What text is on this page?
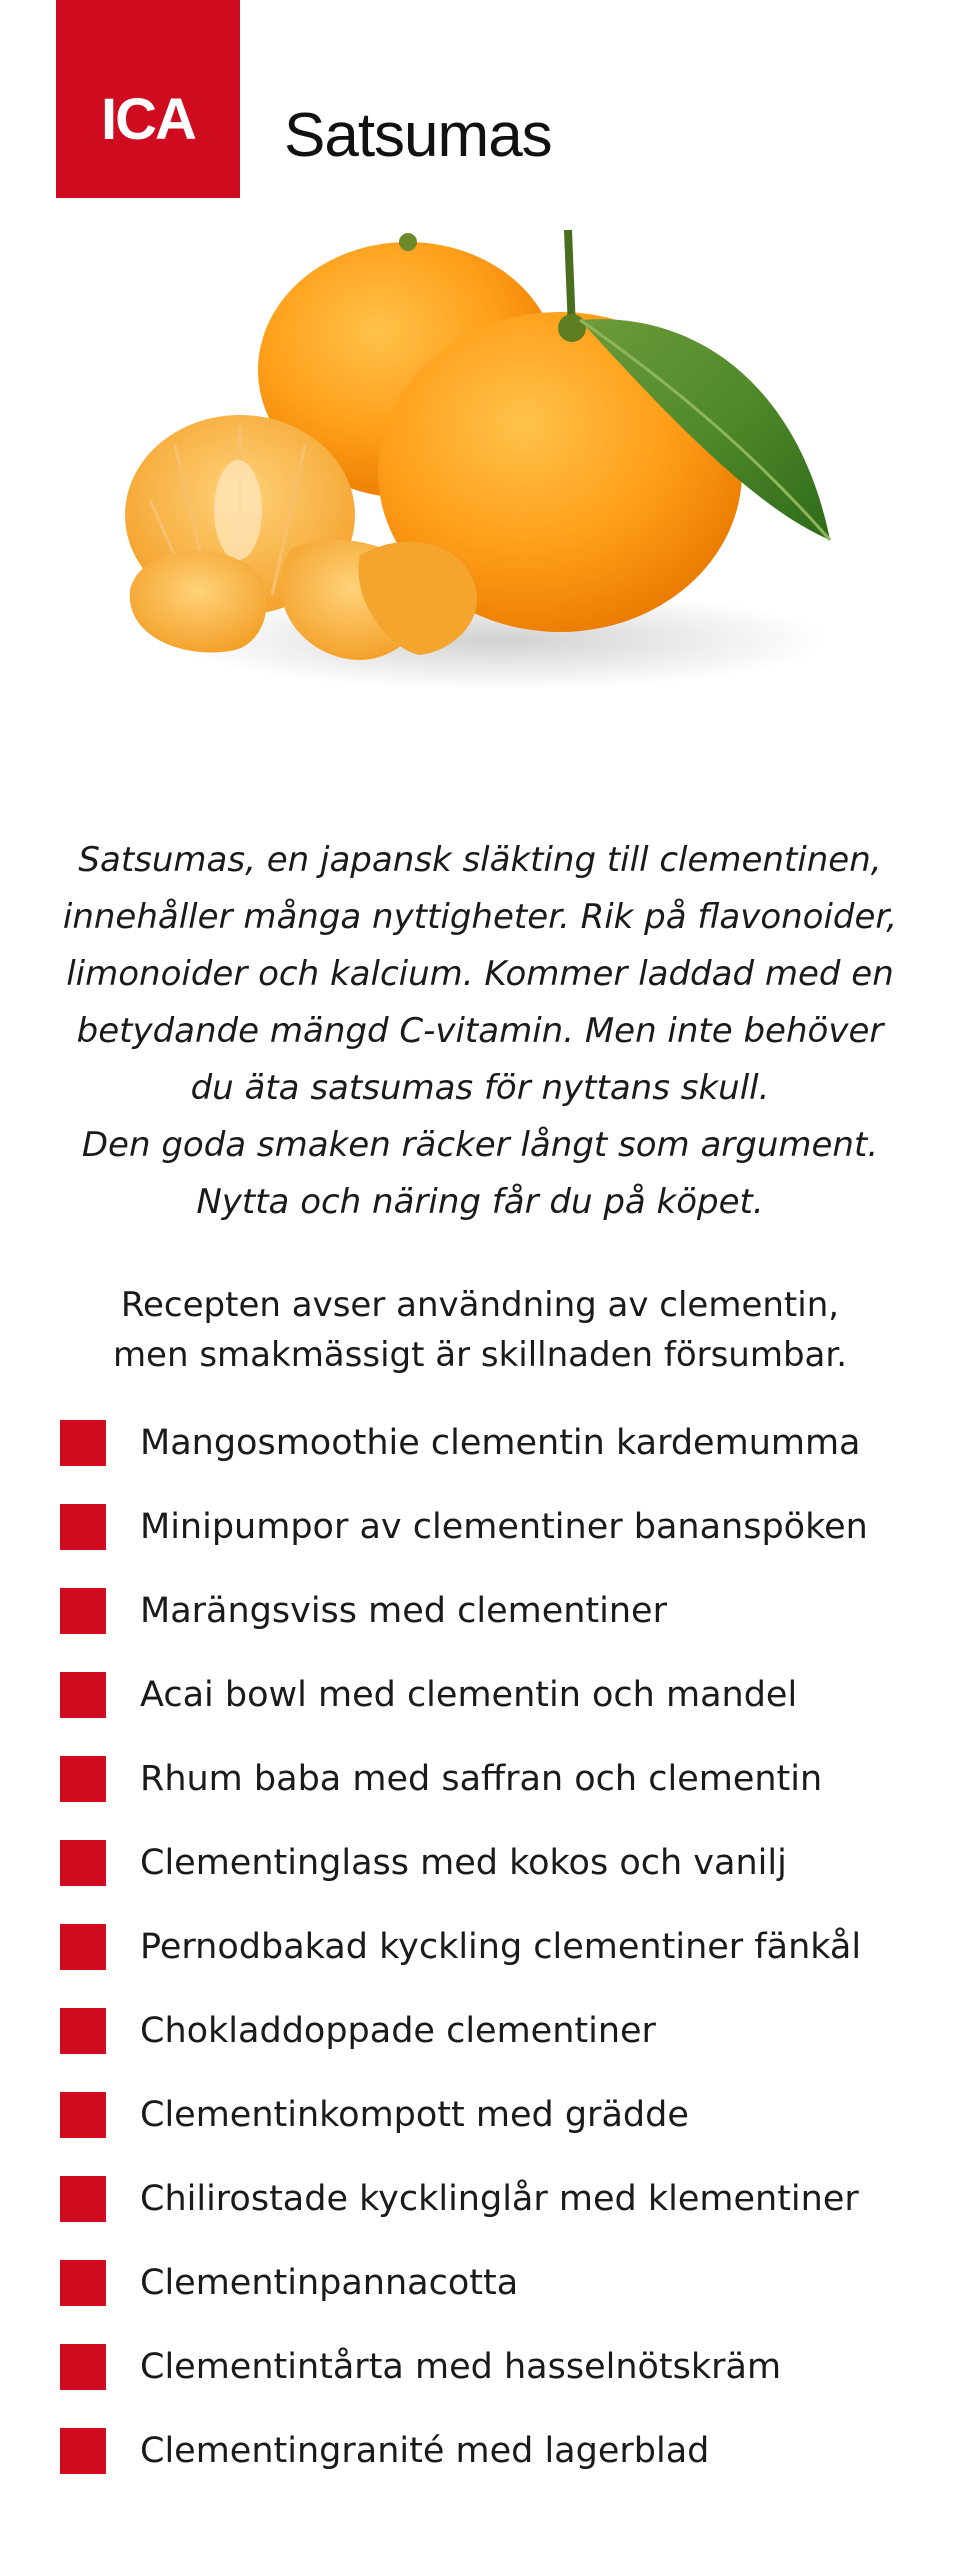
ICA Satsumas

Satsumas, en japansk släkting till clementinen,

innehåller många nyttigheter. Rik på flavonoider,

limonoider och kalcium. Kommer laddad med en

betydande mängd C-vitamin. Men inte behöver

du äta satsumas för nyttans skull.

Den goda smaken räcker långt som argument.

Nytta och näring får du på köpet.

Recepten avser användning av clementin,

men smakmässigt är skillnaden försumbar.

Mangosmoothie clementin kardemumma
Minipumpor av clementiner bananspöken
Marängsviss med clementiner
Acai bowl med clementin och mandel
Rhum baba med saffran och clementin
Clementinglass med kokos och vanilj
Pernodbakad kyckling clementiner fänkål
Chokladdoppade clementiner
Clementinkompott med grädde
Chilirostade kycklinglår med klementiner
Clementinpannacotta
Clementintårta med hasselnötskräm
Clementingranité med lagerblad
